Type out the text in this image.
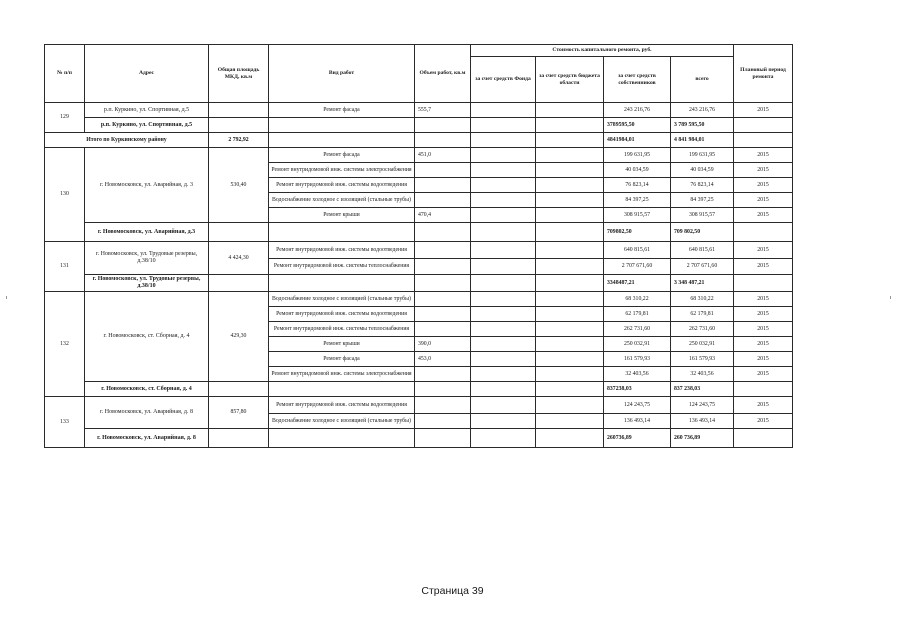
№ п/п	Адрес	Общая площадь МКД, кв.м	Вид работ	Объем работ, кв.м	Стоимость капитального ремонта, руб.				Плановый период ремонта
					за счет средств Фонда	за счет средств бюджета области	за счет средств собственников	всего	
129	р.п. Куркино, ул. Спортивная, д.5		Ремонт фасада	555,7			243 216,76	243 216,76	2015
	р.п. Куркино, ул. Спортивная, д.5						3789595,50	3 789 595,50	
Итого по Куркинскому району		2 792,92					4841984,01	4 841 984,01	
130	г. Новомосковск, ул. Аварийная, д. 3	530,40	Ремонт фасада	451,0			199 631,95	199 631,95	2015
			Ремонт внутридомовой инж. системы электроснабжения				40 034,59	40 034,59	2015
			Ремонт внутридомовой инж. системы водоотведения				76 823,14	76 823,14	2015
			Водоснабжение холодное с изоляцией (стальные трубы)				84 397,25	84 397,25	2015
			Ремонт крыши	470,4			308 915,57	308 915,57	2015
	г. Новомосковск, ул. Аварийная, д.3						709802,50	709 802,50	
131	г. Новомосковск, ул. Трудовые резервы, д.38/10	4 424,30	Ремонт внутридомовой инж. системы водоотведения				640 815,61	640 815,61	2015
			Ремонт внутридомовой инж. системы теплоснабжения				2 707 671,60	2 707 671,60	2015
	г. Новомосковск, ул. Трудовые резервы, д.38/10						3348487,21	3 348 487,21	
132	г. Новомосковск, ст. Сборная, д. 4	429,30	Водоснабжение холодное с изоляцией (стальные трубы)				68 310,22	68 310,22	2015
			Ремонт внутридомовой инж. системы водоотведения				62 179,81	62 179,81	2015
			Ремонт внутридомовой инж. системы теплоснабжения				262 731,60	262 731,60	2015
			Ремонт крыши	390,0			250 032,91	250 032,91	2015
			Ремонт фасада	453,0			161 579,93	161 579,93	2015
			Ремонт внутридомовой инж. системы электроснабжения				32 403,56	32 403,56	2015
	г. Новомосковск, ст. Сборная, д. 4						837238,03	837 238,03	
133	г. Новомосковск, ул. Аварийная, д. 8	857,80	Ремонт внутридомовой инж. системы водоотведения				124 243,75	124 243,75	2015
			Водоснабжение холодное с изоляцией (стальные трубы)				136 493,14	136 493,14	2015
	г. Новомосковск, ул. Аварийная, д. 8						260736,89	260 736,89	
Страница 39
